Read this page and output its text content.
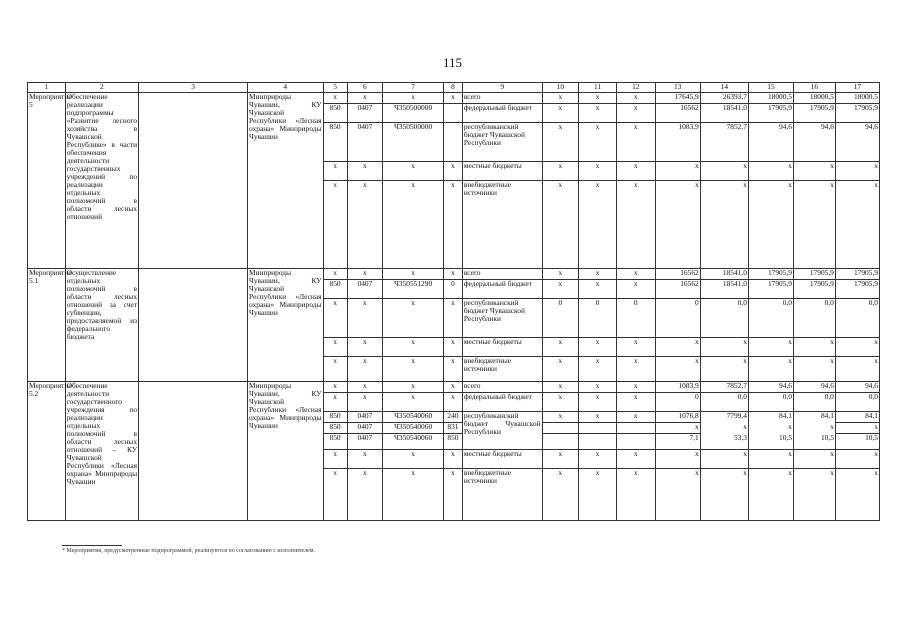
115
1	2	3	4	5	6	7	8	9	10	11	12	13	14	15	16	17
Мероприятие 5	Обеспечение реализации подпрограммы «Развитие лесного хозяйства в Чувашской Республике» в части обеспечения деятельности государственных учреждений по реализации отдельных полномочий в области лесных отношений		Минприроды Чувашии, КУ Чувашской Республики «Лесная охрана» Минприроды Чувашии	x	x	x	x	всего	x	x	x	17645,9	26393,7	18000,5	18000,5	18000,5
				850	0407	Ч350500000		федеральный бюджет	x	x	x	16562	18541,0	17905,9	17905,9	17905,9
				850	0407	Ч350500000		республиканский бюджет Чувашской Республики	x	x	x	1083,9	7852,7	94,6	94,6	94,6
				x	x	x	x	местные бюджеты	x	x	x	x	x	x	x	x
				x	x	x	x	внебюджетные источники	x	x	x	x	x	x	x	x
Мероприятие 5.1	Осуществление отдельных полномочий в области лесных отношений за счет субвенции, предоставляемой из федерального бюджета		Минприроды Чувашии, КУ Чувашской Республики «Лесная охрана» Минприроды Чувашии	x	x	x	x	всего	x	x	x	16562	18541,0	17905,9	17905,9	17905,9
				850	0407	Ч350551290	0	федеральный бюджет	x	x	x	16562	18541,0	17905,9	17905,9	17905,9
				x	x	x	x	республиканский бюджет Чувашской Республики	0	0	0	0	0,0	0,0	0,0	0,0
				x	x	x	x	местные бюджеты	x	x	x	x	x	x	x	x
				x	x	x	x	внебюджетные источники	x	x	x	x	x	x	x	x
Мероприятие 5.2	Обеспечение деятельности государственного учреждения по реализации отдельных полномочий в области лесных отношений – КУ Чувашской Республики «Лесная охрана» Минприроды Чувашии		Минприроды Чувашии, КУ Чувашской Республики «Лесная охрана» Минприроды Чувашии	x	x	x	x	всего	x	x	x	1083,9	7852,7	94,6	94,6	94,6
				x	x	x	x	федеральный бюджет	x	x	x	0	0,0	0,0	0,0	0,0
				850	0407	Ч350540060	240	республиканский бюджет Чувашской Республики	x	x	x	1076,8	7799,4	84,1	84,1	84,1
				850	0407	Ч350540060	831					x	x	x	x	x
				850	0407	Ч350540060	850					7,1	53,3	10,5	10,5	10,5
				x	x	x	x	местные бюджеты	x	x	x	x	x	x	x	x
				x	x	x	x	внебюджетные источники	x	x	x	x	x	x	x	x
* Мероприятия, предусмотренные подпрограммой, реализуются по согласованию с исполнителем.
